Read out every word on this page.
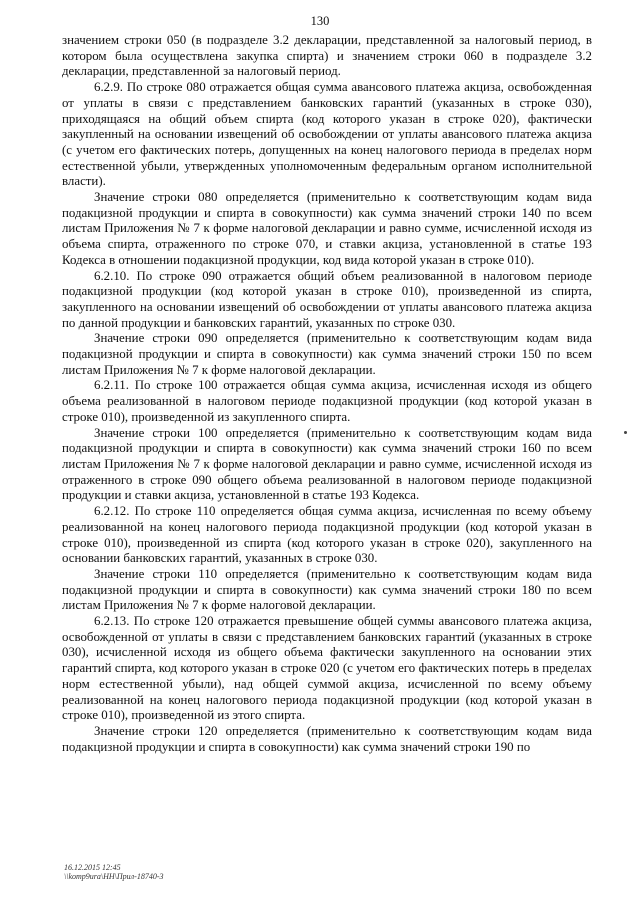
130

значением строки 050 (в подразделе 3.2 декларации, представленной за налоговый период, в котором была осуществлена закупка спирта) и значением строки 060 в подразделе 3.2 декларации, представленной за налоговый период.

6.2.9. По строке 080 отражается общая сумма авансового платежа акциза, освобожденная от уплаты в связи с представлением банковских гарантий (указанных в строке 030), приходящаяся на общий объем спирта (код которого указан в строке 020), фактически закупленный на основании извещений об освобождении от уплаты авансового платежа акциза (с учетом его фактических потерь, допущенных на конец налогового периода в пределах норм естественной убыли, утвержденных уполномоченным федеральным органом исполнительной власти).

Значение строки 080 определяется (применительно к соответствующим кодам вида подакцизной продукции и спирта в совокупности) как сумма значений строки 140 по всем листам Приложения № 7 к форме налоговой декларации и равно сумме, исчисленной исходя из объема спирта, отраженного по строке 070, и ставки акциза, установленной в статье 193 Кодекса в отношении подакцизной продукции, код вида которой указан в строке 010).

6.2.10. По строке 090 отражается общий объем реализованной в налоговом периоде подакцизной продукции (код которой указан в строке 010), произведенной из спирта, закупленного на основании извещений об освобождении от уплаты авансового платежа акциза по данной продукции и банковских гарантий, указанных по строке 030.

Значение строки 090 определяется (применительно к соответствующим кодам вида подакцизной продукции и спирта в совокупности) как сумма значений строки 150 по всем листам Приложения № 7 к форме налоговой декларации.

6.2.11. По строке 100 отражается общая сумма акциза, исчисленная исходя из общего объема реализованной в налоговом периоде подакцизной продукции (код которой указан в строке 010), произведенной из закупленного спирта.

Значение строки 100 определяется (применительно к соответствующим кодам вида подакцизной продукции и спирта в совокупности) как сумма значений строки 160 по всем листам Приложения № 7 к форме налоговой декларации и равно сумме, исчисленной исходя из отраженного в строке 090 общего объема реализованной в налоговом периоде подакцизной продукции и ставки акциза, установленной в статье 193 Кодекса.

6.2.12. По строке 110 определяется общая сумма акциза, исчисленная по всему объему реализованной на конец налогового периода подакцизной продукции (код которой указан в строке 010), произведенной из спирта (код которого указан в строке 020), закупленного на основании банковских гарантий, указанных в строке 030.

Значение строки 110 определяется (применительно к соответствующим кодам вида подакцизной продукции и спирта в совокупности) как сумма значений строки 180 по всем листам Приложения № 7 к форме налоговой декларации.

6.2.13. По строке 120 отражается превышение общей суммы авансового платежа акциза, освобожденной от уплаты в связи с представлением банковских гарантий (указанных в строке 030), исчисленной исходя из общего объема фактически закупленного на основании этих гарантий спирта, код которого указан в строке 020 (с учетом его фактических потерь в пределах норм естественной убыли), над общей суммой акциза, исчисленной по всему объему реализованной на конец налогового периода подакцизной продукции (код которой указан в строке 010), произведенной из этого спирта.

Значение строки 120 определяется (применительно к соответствующим кодам вида подакцизной продукции и спирта в совокупности) как сумма значений строки 190 по

16.12.2015 12:45
\\komp9ura\НН\Прил-18740-3
